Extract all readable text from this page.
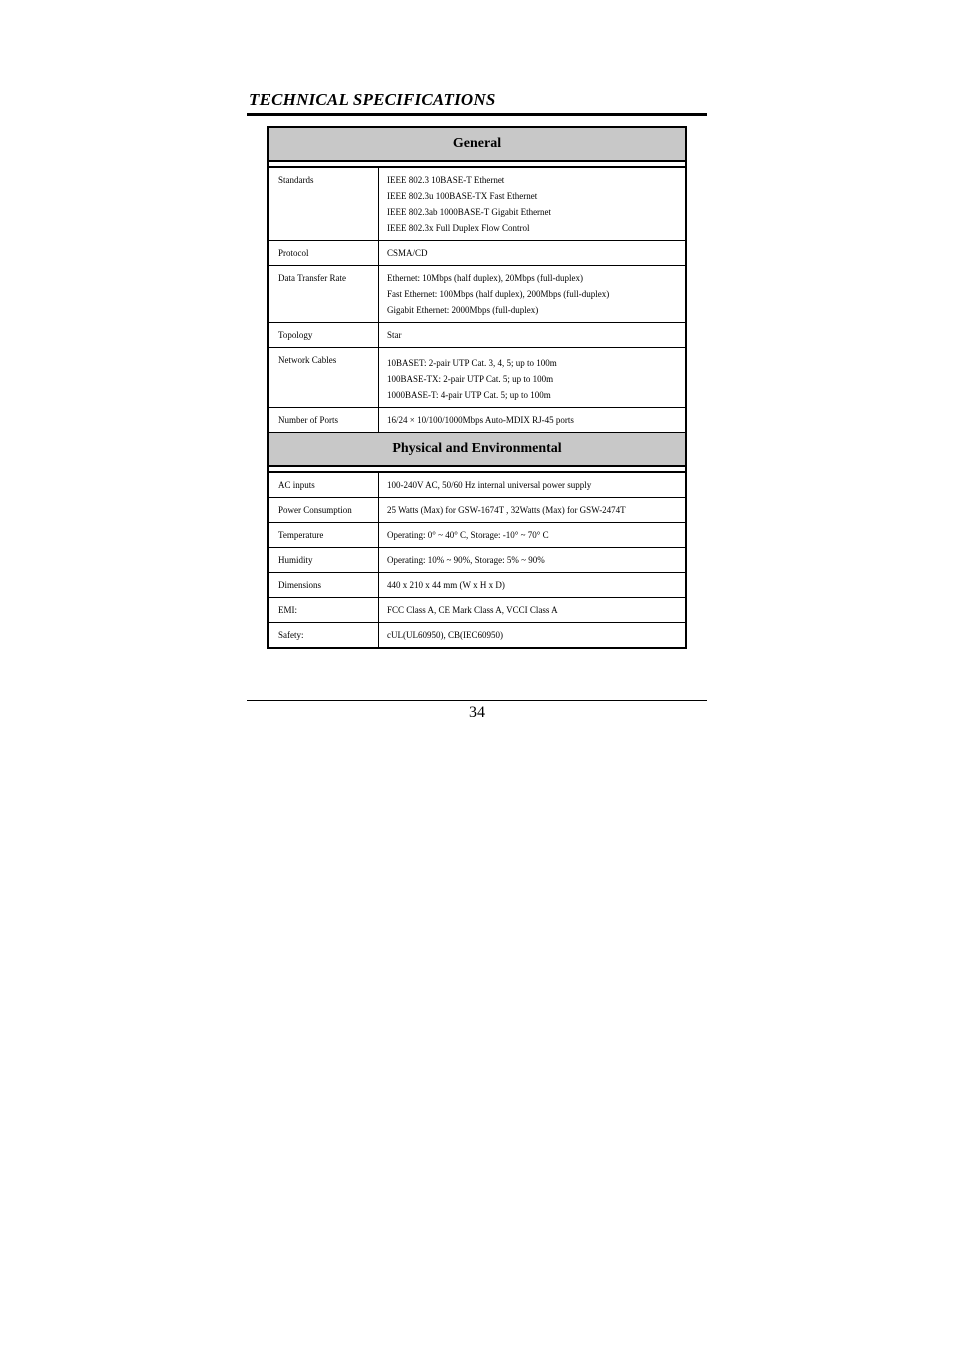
TECHNICAL SPECIFICATIONS
General	

Standards	IEEE 802.3 10BASE-T Ethernet
IEEE 802.3u 100BASE-TX Fast Ethernet
IEEE 802.3ab 1000BASE-T Gigabit Ethernet
IEEE 802.3x Full Duplex Flow Control

Protocol	CSMA/CD

Data Transfer Rate	Ethernet: 10Mbps (half duplex), 20Mbps (full-duplex)
Fast Ethernet: 100Mbps (half duplex), 200Mbps (full-duplex)
Gigabit Ethernet: 2000Mbps (full-duplex)

Topology	Star

Network Cables	10BASET: 2-pair UTP Cat. 3, 4, 5; up to 100m
100BASE-TX: 2-pair UTP Cat. 5; up to 100m
1000BASE-T: 4-pair UTP Cat. 5; up to 100m

Number of Ports	16/24 × 10/100/1000Mbps Auto-MDIX RJ-45 ports

Physical and Environmental	

AC inputs	100-240V AC, 50/60 Hz internal universal power supply

Power Consumption	25 Watts (Max) for GSW-1674T , 32Watts (Max) for GSW-2474T

Temperature	Operating: 0° ~ 40° C, Storage: -10° ~ 70° C

Humidity	Operating: 10% ~ 90%, Storage: 5% ~ 90%

Dimensions	440 x 210 x 44 mm (W x H x D)

EMI:	FCC Class A, CE Mark Class A, VCCI Class A

Safety:	cUL(UL60950), CB(IEC60950)
34
